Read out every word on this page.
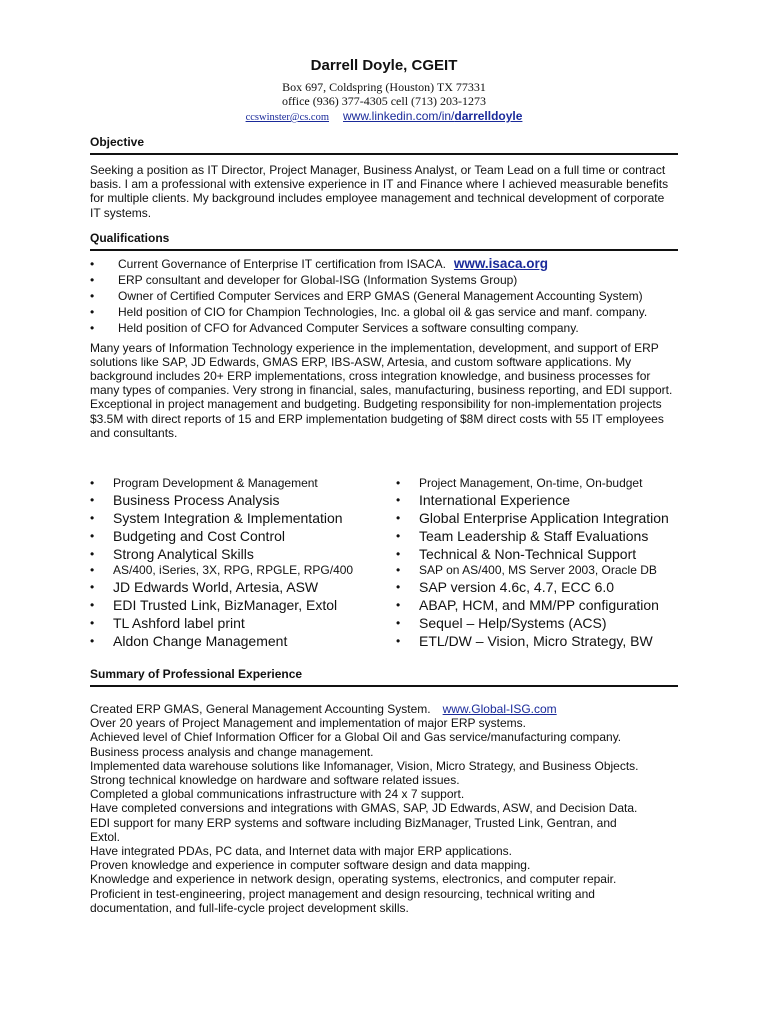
Darrell Doyle, CGEIT
Box 697, Coldspring (Houston) TX 77331
office (936) 377-4305 cell (713) 203-1273
ccswinster@cs.com www.linkedin.com/in/darrelldoyle
Objective

Seeking a position as IT Director, Project Manager, Business Analyst, or Team Lead on a full time or contract basis. I am a professional with extensive experience in IT and Finance where I achieved measurable benefits for multiple clients. My background includes employee management and technical development of corporate IT systems.

Qualifications
• Current Governance of Enterprise IT certification from ISACA. www.isaca.org
• ERP consultant and developer for Global-ISG (Information Systems Group)
• Owner of Certified Computer Services and ERP GMAS (General Management Accounting System)
• Held position of CIO for Champion Technologies, Inc. a global oil & gas service and manf. company.
• Held position of CFO for Advanced Computer Services a software consulting company.

Many years of Information Technology experience in the implementation, development, and support of ERP solutions like SAP, JD Edwards, GMAS ERP, IBS-ASW, Artesia, and custom software applications. My background includes 20+ ERP implementations, cross integration knowledge, and business processes for many types of companies. Very strong in financial, sales, manufacturing, business reporting, and EDI support. Exceptional in project management and budgeting. Budgeting responsibility for non-implementation projects $3.5M with direct reports of 15 and ERP implementation budgeting of $8M direct costs with 55 IT employees and consultants.

• Program Development & Management
• Business Process Analysis
• System Integration & Implementation
• Budgeting and Cost Control
• Strong Analytical Skills
• AS/400, iSeries, 3X, RPG, RPGLE, RPG/400
• JD Edwards World, Artesia, ASW
• EDI Trusted Link, BizManager, Extol
• TL Ashford label print
• Aldon Change Management
• Project Management, On-time, On-budget
• International Experience
• Global Enterprise Application Integration
• Team Leadership & Staff Evaluations
• Technical & Non-Technical Support
• SAP on AS/400, MS Server 2003, Oracle DB
• SAP version 4.6c, 4.7, ECC 6.0
• ABAP, HCM, and MM/PP configuration
• Sequel – Help/Systems (ACS)
• ETL/DW – Vision, Micro Strategy, BW
Summary of Professional Experience
Created ERP GMAS, General Management Accounting System. www.Global-ISG.com
Over 20 years of Project Management and implementation of major ERP systems.
Achieved level of Chief Information Officer for a Global Oil and Gas service/manufacturing company.
Business process analysis and change management.
Implemented data warehouse solutions like Infomanager, Vision, Micro Strategy, and Business Objects.
Strong technical knowledge on hardware and software related issues.
Completed a global communications infrastructure with 24 x 7 support.
Have completed conversions and integrations with GMAS, SAP, JD Edwards, ASW, and Decision Data.
EDI support for many ERP systems and software including BizManager, Trusted Link, Gentran, and
Extol.
Have integrated PDAs, PC data, and Internet data with major ERP applications.
Proven knowledge and experience in computer software design and data mapping.
Knowledge and experience in network design, operating systems, electronics, and computer repair.
Proficient in test-engineering, project management and design resourcing, technical writing and
documentation, and full-life-cycle project development skills.
